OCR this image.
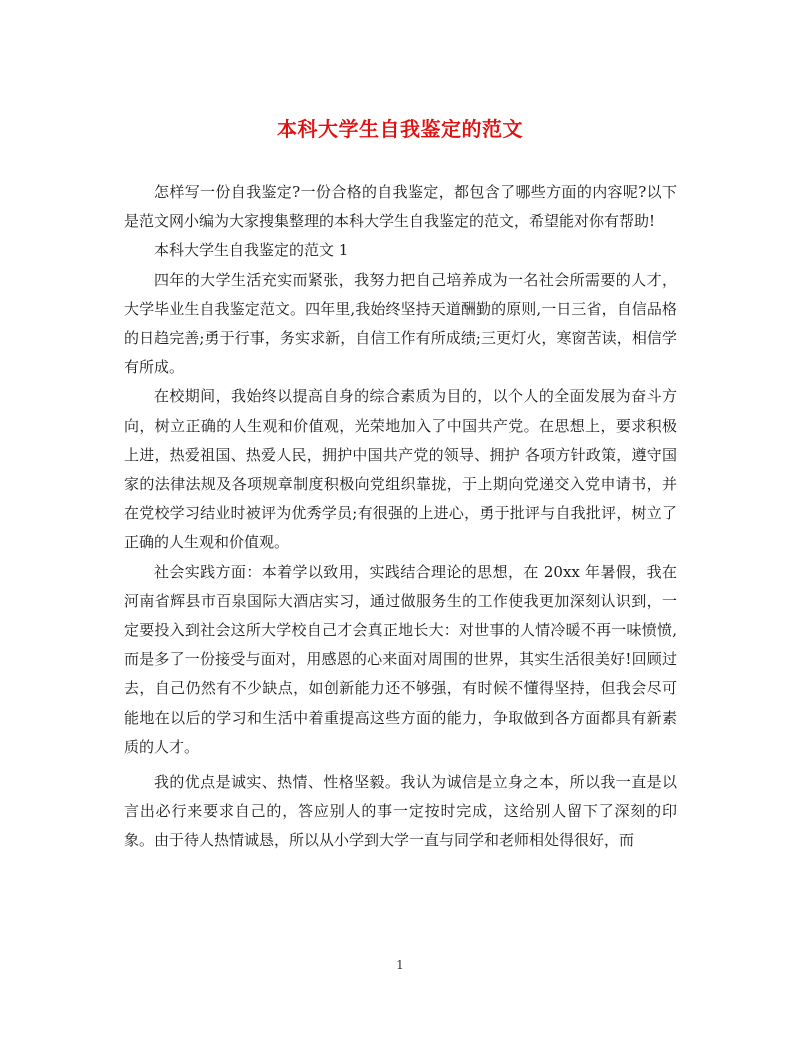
本科大学生自我鉴定的范文

怎样写一份自我鉴定?一份合格的自我鉴定，都包含了哪些方面的内容呢?以下是范文网小编为大家搜集整理的本科大学生自我鉴定的范文，希望能对你有帮助!

本科大学生自我鉴定的范文 1

四年的大学生活充实而紧张，我努力把自己培养成为一名社会所需要的人才，大学毕业生自我鉴定范文。四年里,我始终坚持天道酬勤的原则,一日三省，自信品格的日趋完善;勇于行事，务实求新，自信工作有所成绩;三更灯火，寒窗苦读，相信学有所成。

在校期间，我始终以提高自身的综合素质为目的，以个人的全面发展为奋斗方向，树立正确的人生观和价值观，光荣地加入了中国共产党。在思想上，要求积极上进，热爱祖国、热爱人民，拥护中国共产党的领导、拥护 各项方针政策，遵守国家的法律法规及各项规章制度积极向党组织靠拢，于上期向党递交入党申请书，并在党校学习结业时被评为优秀学员;有很强的上进心，勇于批评与自我批评，树立了正确的人生观和价值观。

社会实践方面：本着学以致用，实践结合理论的思想，在 20xx 年暑假，我在河南省辉县市百泉国际大酒店实习，通过做服务生的工作使我更加深刻认识到，一定要投入到社会这所大学校自己才会真正地长大：对世事的人情冷暖不再一味愤愤,而是多了一份接受与面对，用感恩的心来面对周围的世界，其实生活很美好!回顾过去，自己仍然有不少缺点，如创新能力还不够强，有时候不懂得坚持，但我会尽可能地在以后的学习和生活中着重提高这些方面的能力，争取做到各方面都具有新素质的人才。

我的优点是诚实、热情、性格坚毅。我认为诚信是立身之本，所以我一直是以言出必行来要求自己的，答应别人的事一定按时完成，这给别人留下了深刻的印象。由于待人热情诚恳，所以从小学到大学一直与同学和老师相处得很好，而

1
